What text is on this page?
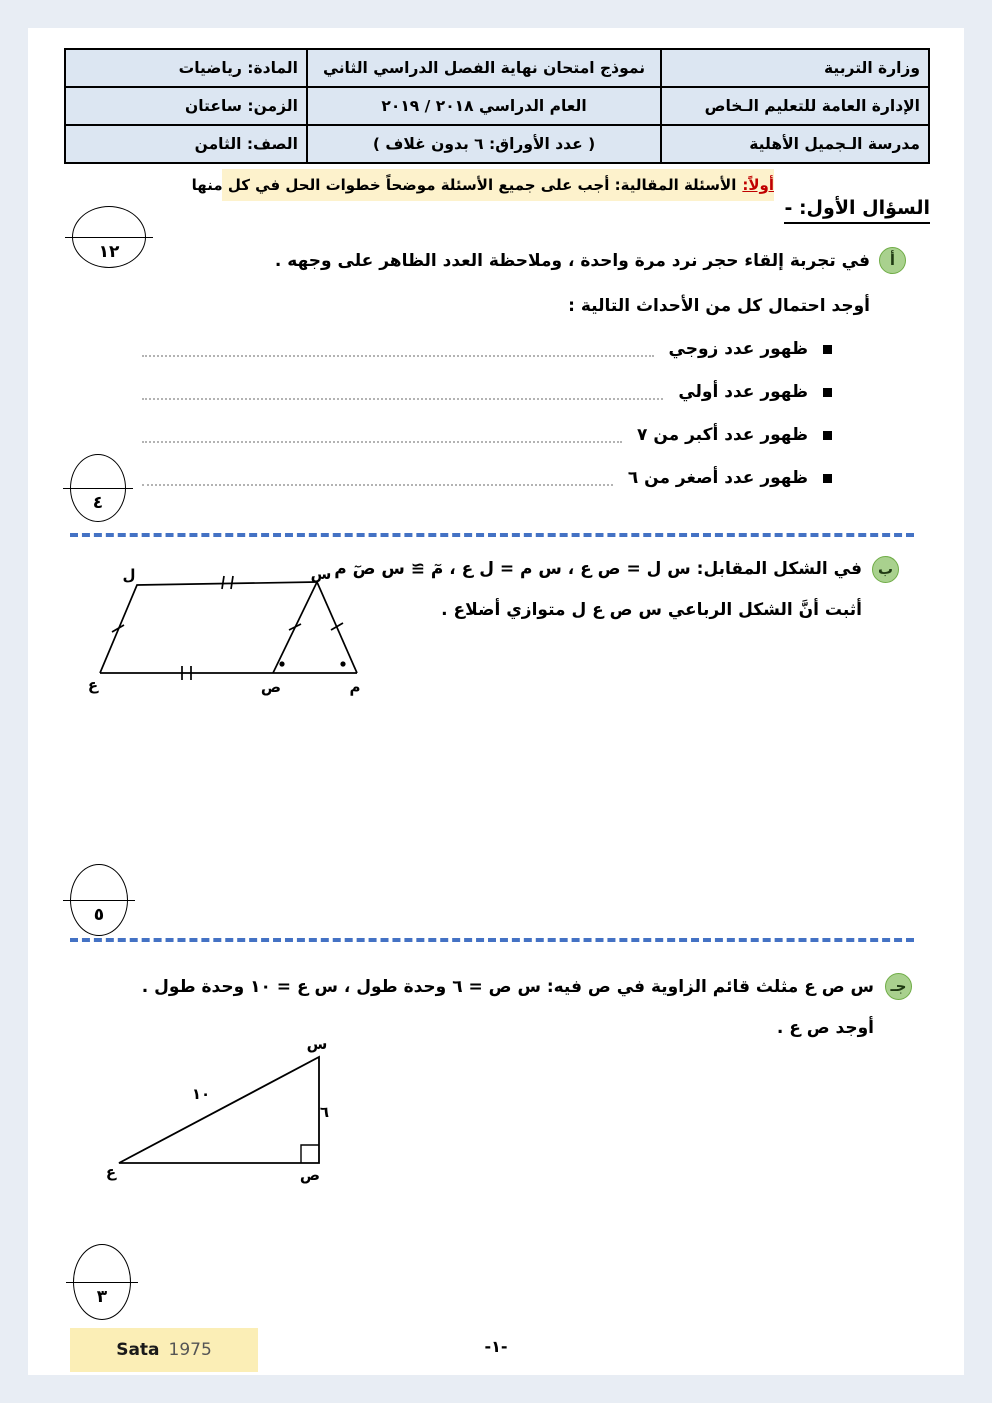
وزارة التربية	نموذج امتحان نهاية الفصل الدراسي الثاني	المادة: رياضيات
الإدارة العامة للتعليم الـخاص	العام الدراسي ٢٠١٨ / ٢٠١٩	الزمن: ساعتان
مدرسة الـجميل الأهلية	( عدد الأوراق: ٦ بدون غلاف )	الصف: الثامن
أولاً:الأسئلة المقالية: أجب على جميع الأسئلة موضحاً خطوات الحل في كل منها
السؤال الأول: -
١٢	أ
في تجربة إلقاء حجر نرد مرة واحدة ، وملاحظة العدد الظاهر على وجهه .
أوجد احتمال كل من الأحداث التالية :
ظهور عدد زوجي
ظهور عدد أولي
ظهور عدد أكبر من ٧
ظهور عدد أصغر من ٦
٤
ب
في الشكل المقابل: س ل = ص ع ، س م = ل ع ، مٓ ≅ س صٓ م
أثبت أنَّ الشكل الرباعي س ص ع ل متوازي أضلاع .
ل	س
ع	ص	م
٥
جـ
س ص ع مثلث قائم الزاوية في ص فيه: س ص = ٦ وحدة طول ، س ع = ١٠ وحدة طول .
أوجد ص ع .
س
ع	ص
١٠
٦
٣
Sata 1975	-١-
